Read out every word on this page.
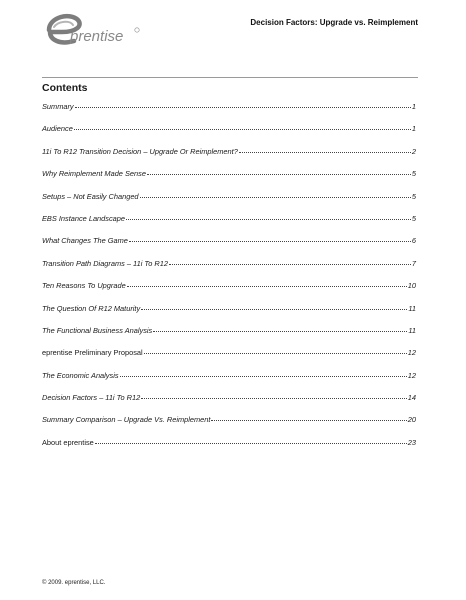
prentise
Decision Factors: Upgrade vs. Reimplement
Contents
Summary	1
Audience	1
11i To R12 Transition Decision – Upgrade Or Reimplement?	2
Why Reimplement Made Sense	5
Setups – Not Easily Changed	5
EBS Instance Landscape	5
What Changes The Game	6
Transition Path Diagrams – 11i To R12	7
Ten Reasons To Upgrade	10
The Question Of R12 Maturity	11
The Functional Business Analysis	11
eprentise Preliminary Proposal	12
The Economic Analysis	12
Decision Factors – 11i To R12	14
Summary Comparison – Upgrade Vs. Reimplement	20
About eprentise	23
© 2009. eprentise, LLC.
